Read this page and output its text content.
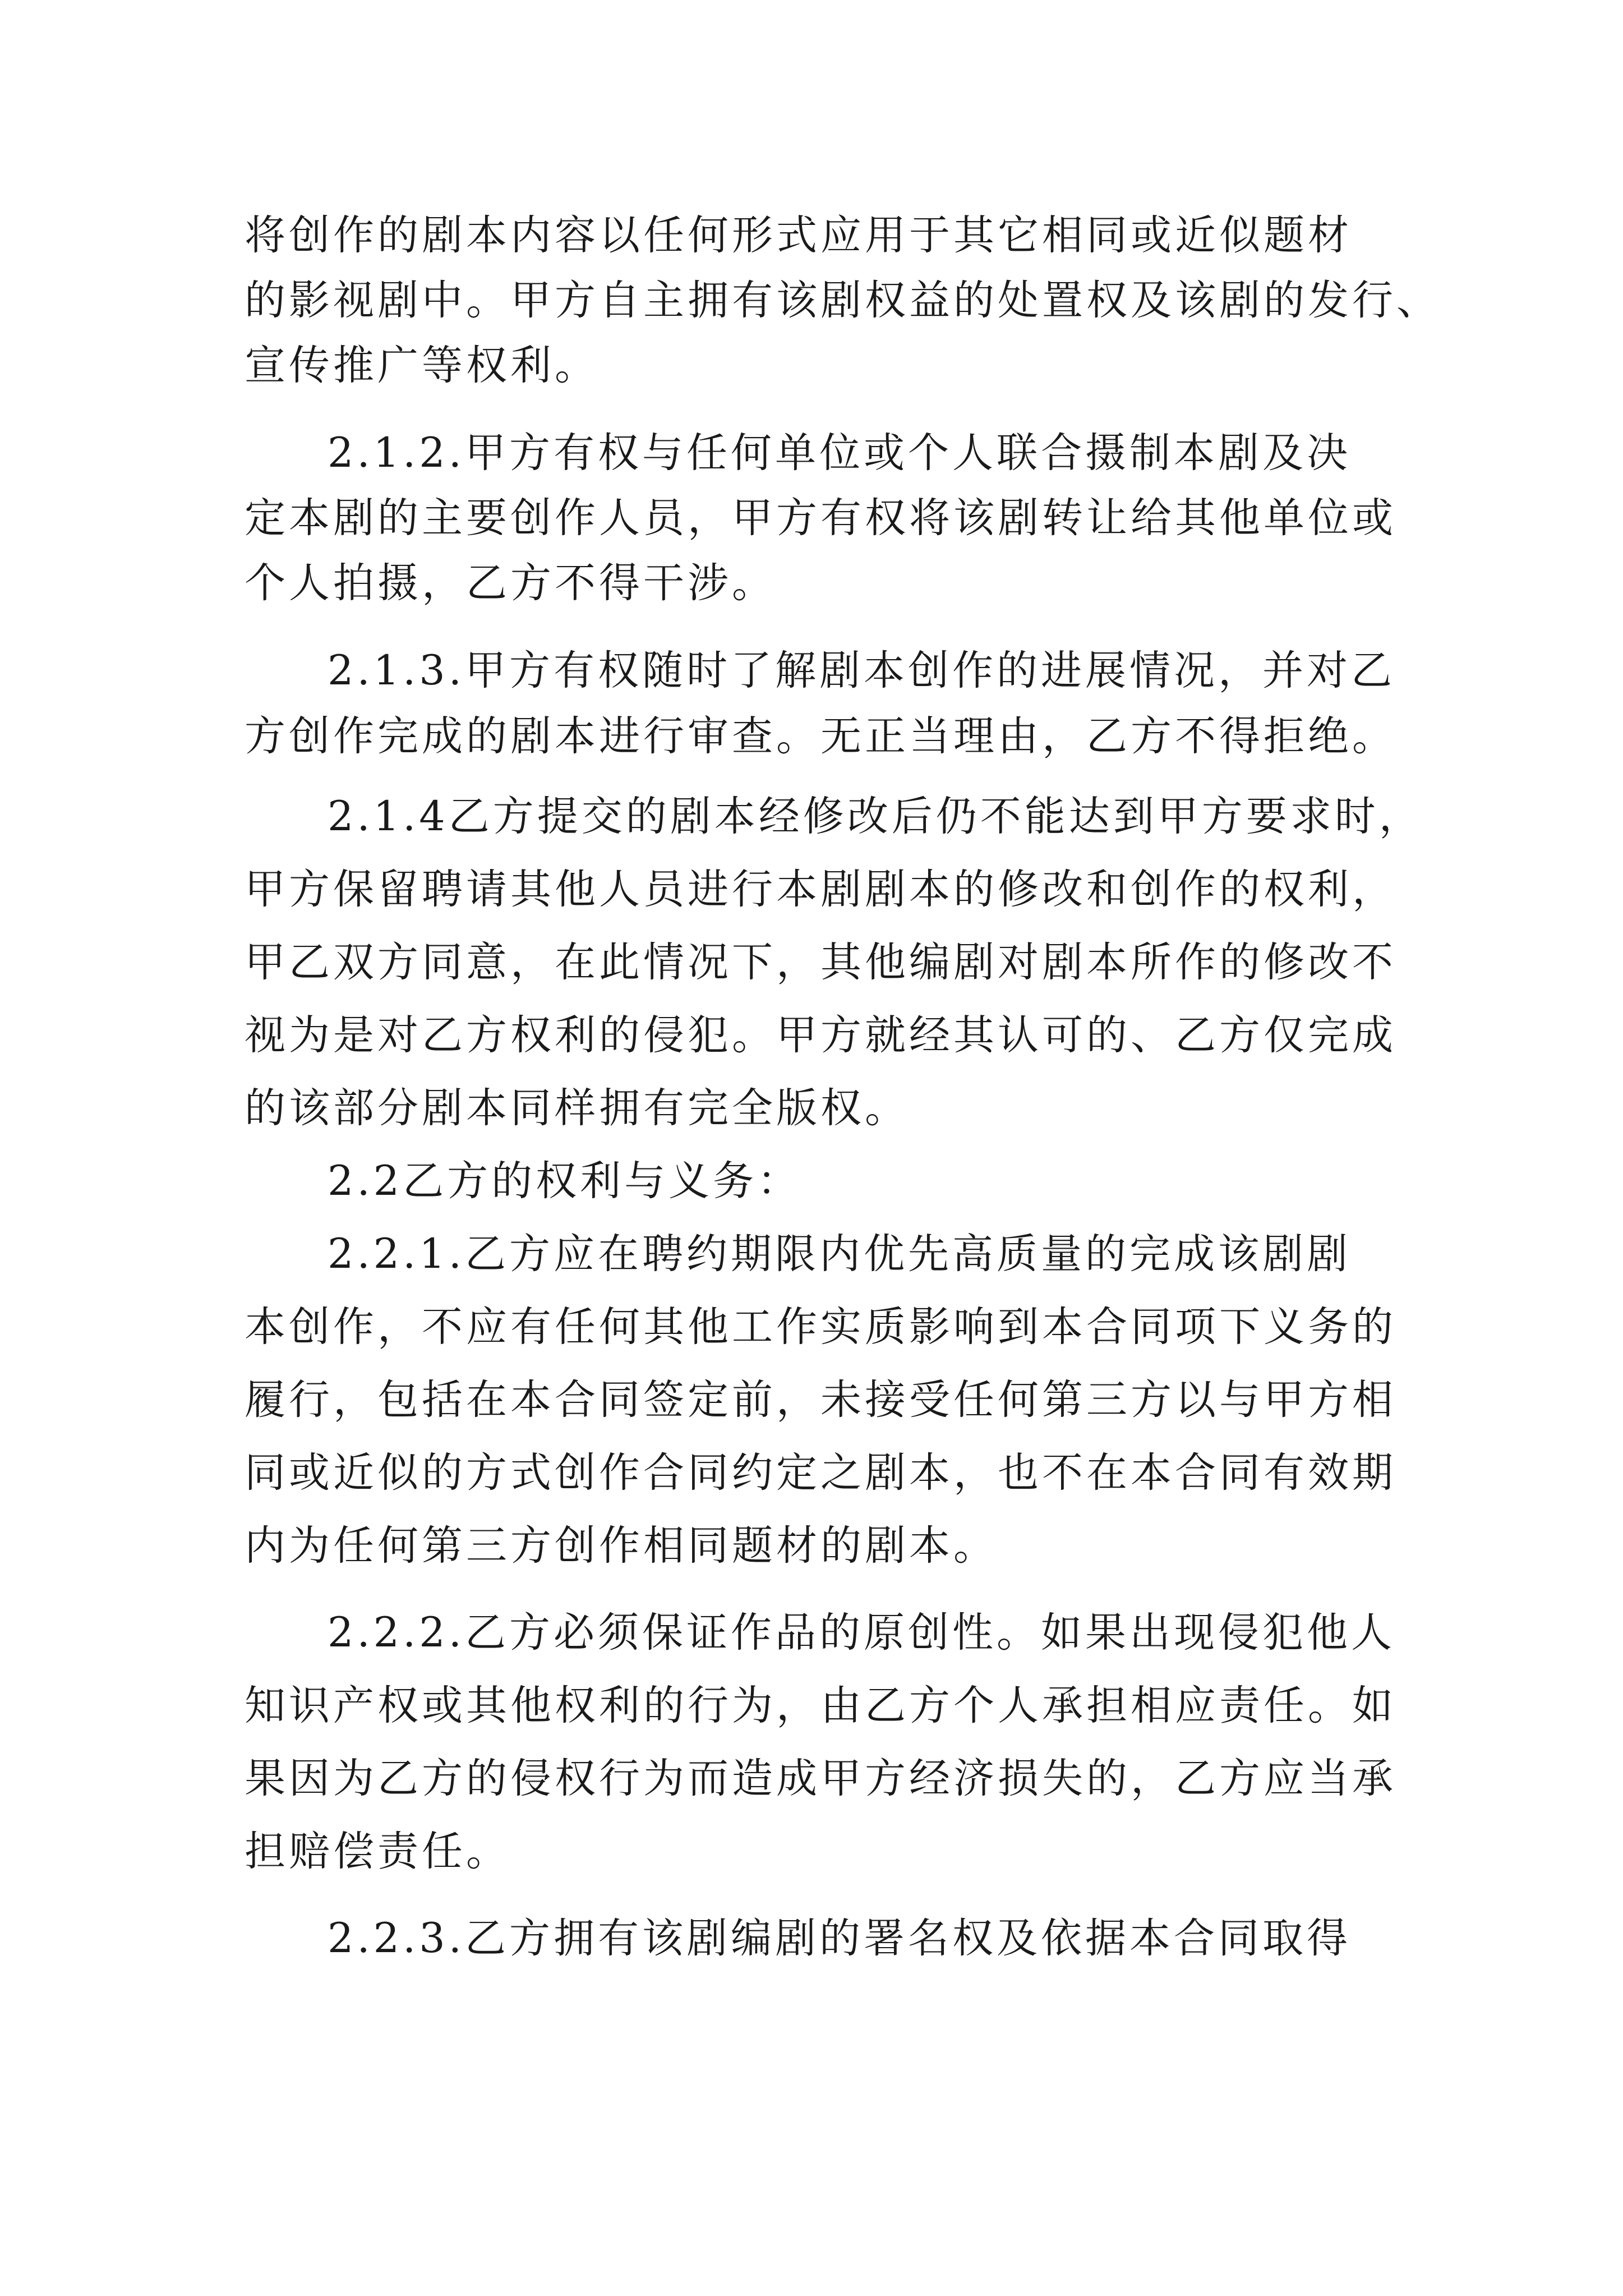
将创作的剧本内容以任何形式应用于其它相同或近似题材
的影视剧中。甲方自主拥有该剧权益的处置权及该剧的发行、
宣传推广等权利。
2.1.2.甲方有权与任何单位或个人联合摄制本剧及决
定本剧的主要创作人员，甲方有权将该剧转让给其他单位或
个人拍摄，乙方不得干涉。
2.1.3.甲方有权随时了解剧本创作的进展情况，并对乙
方创作完成的剧本进行审查。无正当理由，乙方不得拒绝。
2.1.4乙方提交的剧本经修改后仍不能达到甲方要求时，
甲方保留聘请其他人员进行本剧剧本的修改和创作的权利，
甲乙双方同意，在此情况下，其他编剧对剧本所作的修改不
视为是对乙方权利的侵犯。甲方就经其认可的、乙方仅完成
的该部分剧本同样拥有完全版权。
2.2乙方的权利与义务：
2.2.1.乙方应在聘约期限内优先高质量的完成该剧剧
本创作，不应有任何其他工作实质影响到本合同项下义务的
履行，包括在本合同签定前，未接受任何第三方以与甲方相
同或近似的方式创作合同约定之剧本，也不在本合同有效期
内为任何第三方创作相同题材的剧本。
2.2.2.乙方必须保证作品的原创性。如果出现侵犯他人
知识产权或其他权利的行为，由乙方个人承担相应责任。如
果因为乙方的侵权行为而造成甲方经济损失的，乙方应当承
担赔偿责任。
2.2.3.乙方拥有该剧编剧的署名权及依据本合同取得
